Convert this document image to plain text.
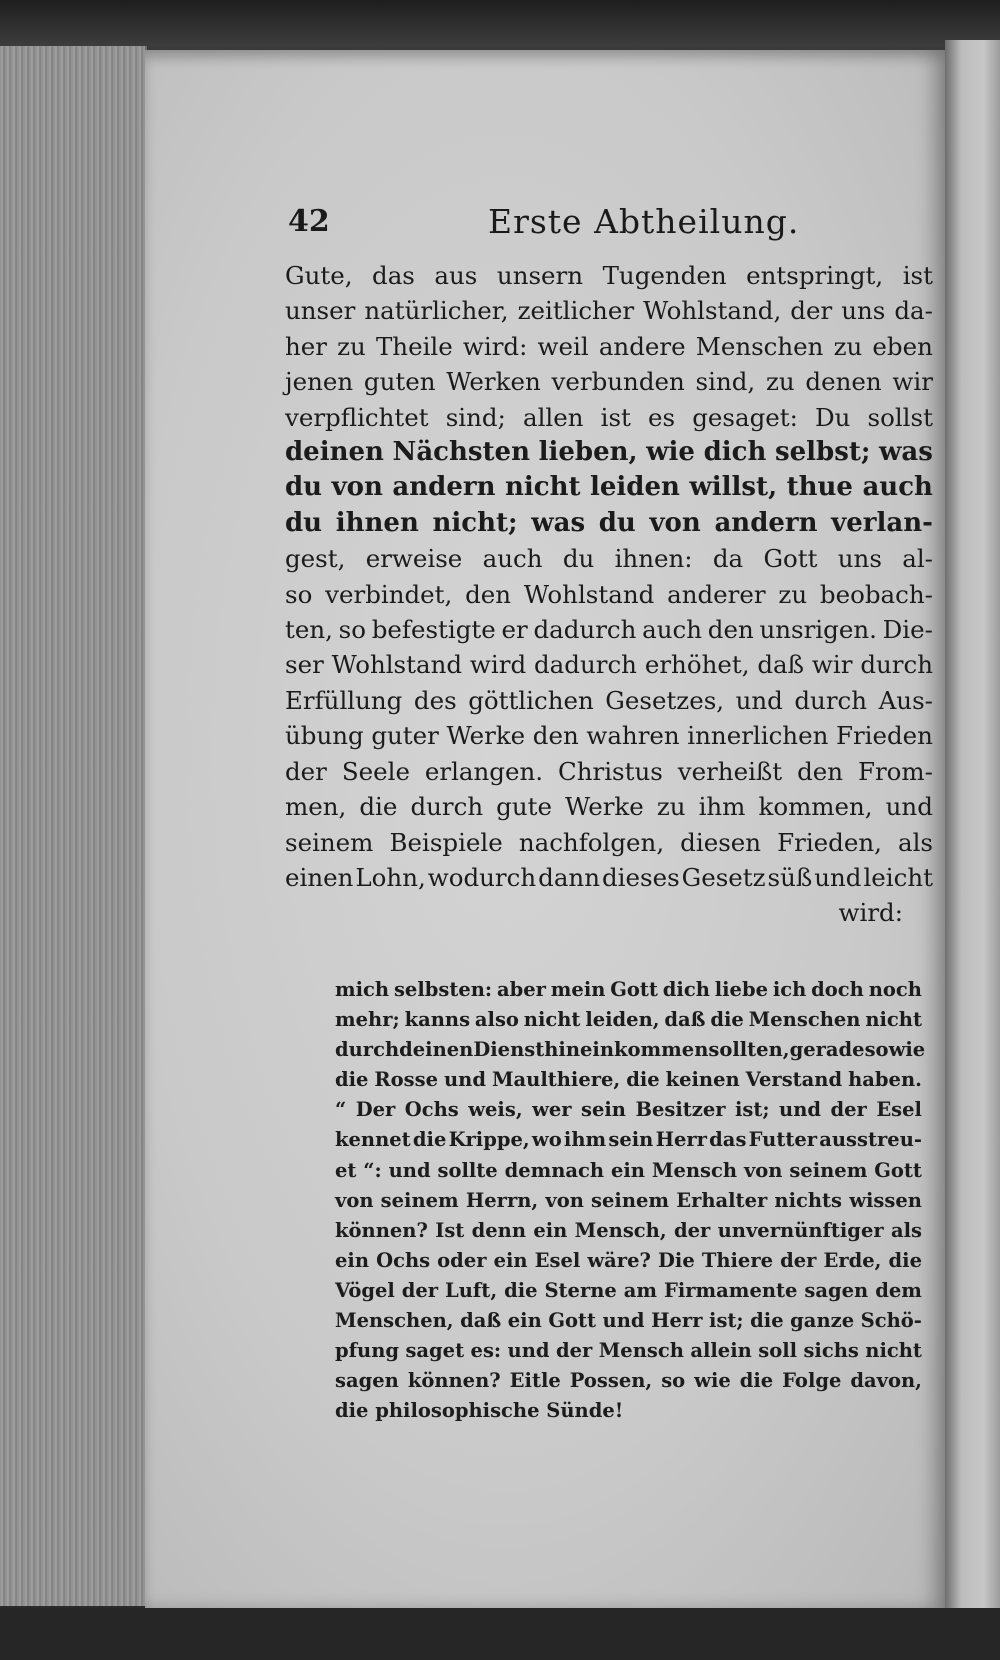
42	Erste Abtheilung.
Gute, das aus unsern Tugenden entspringt, ist
unser natürlicher, zeitlicher Wohlstand, der uns da-
her zu Theile wird: weil andere Menschen zu eben
jenen guten Werken verbunden sind, zu denen wir
verpflichtet sind; allen ist es gesaget: Du sollst
deinen Nächsten lieben, wie dich selbst; was
du von andern nicht leiden willst, thue auch
du ihnen nicht; was du von andern verlan-
gest, erweise auch du ihnen: da Gott uns al-
so verbindet, den Wohlstand anderer zu beobach-
ten, so befestigte er dadurch auch den unsrigen. Die-
ser Wohlstand wird dadurch erhöhet, daß wir durch
Erfüllung des göttlichen Gesetzes, und durch Aus-
übung guter Werke den wahren innerlichen Frieden
der Seele erlangen. Christus verheißt den From-
men, die durch gute Werke zu ihm kommen, und
seinem Beispiele nachfolgen, diesen Frieden, als
einen Lohn, wodurch dann dieses Gesetz süß und leicht
wird:
mich selbsten: aber mein Gott dich liebe ich doch noch
mehr; kanns also nicht leiden, daß die Menschen nicht
durch deinen Dienst hineinkommen sollten, gerade so wie
die Rosse und Maulthiere, die keinen Verstand haben.
“ Der Ochs weis, wer sein Besitzer ist; und der Esel
kennet die Krippe, wo ihm sein Herr das Futter ausstreu-
et “: und sollte demnach ein Mensch von seinem Gott
von seinem Herrn, von seinem Erhalter nichts wissen
können? Ist denn ein Mensch, der unvernünftiger als
ein Ochs oder ein Esel wäre? Die Thiere der Erde, die
Vögel der Luft, die Sterne am Firmamente sagen dem
Menschen, daß ein Gott und Herr ist; die ganze Schö-
pfung saget es: und der Mensch allein soll sichs nicht
sagen können? Eitle Possen, so wie die Folge davon,
die philosophische Sünde!
